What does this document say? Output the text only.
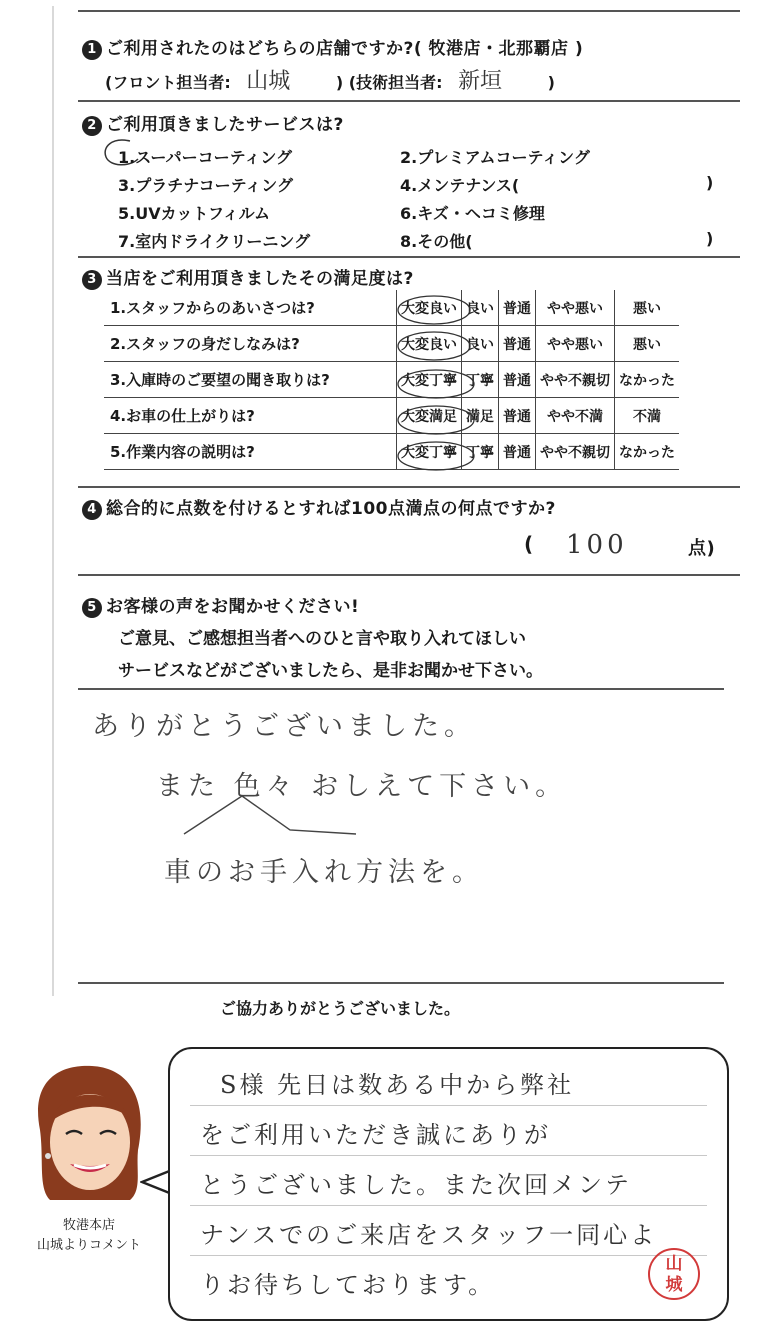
1 ご利用されたのはどちらの店舗ですか?( 牧港店・北那覇店 )
(フロント担当者: 山城	) (技術担当者: 新垣	)
2 ご利用頂きましたサービスは?
1.スーパーコーティング	2.プレミアムコーティング
3.プラチナコーティング	4.メンテナンス(	)
5.UVカットフィルム	6.キズ・ヘコミ修理
7.室内ドライクリーニング	8.その他(	)
3 当店をご利用頂きましたその満足度は?
1.スタッフからのあいさつは?	大変良い	良い	普通	やや悪い	悪い
2.スタッフの身だしなみは?	大変良い	良い	普通	やや悪い	悪い
3.入庫時のご要望の聞き取りは?	大変丁寧	丁寧	普通	やや不親切	なかった
4.お車の仕上がりは?	大変満足	満足	普通	やや不満	不満
5.作業内容の説明は?	大変丁寧	丁寧	普通	やや不親切	なかった
4 総合的に点数を付けるとすれば100点満点の何点ですか?
( 100	点)
5 お客様の声をお聞かせください!
ご意見、ご感想担当者へのひと言や取り入れてほしい
サービスなどがございましたら、是非お聞かせ下さい。
ありがとうございました。
また 色々 おしえて下さい。
車のお手入れ方法を。
ご協力ありがとうございました。
牧港本店
山城よりコメント
S様 先日は数ある中から弊社
をご利用いただき誠にありが
とうございました。また次回メンテ
ナンスでのご来店をスタッフ一同心よ
りお待ちしております。
山
城
